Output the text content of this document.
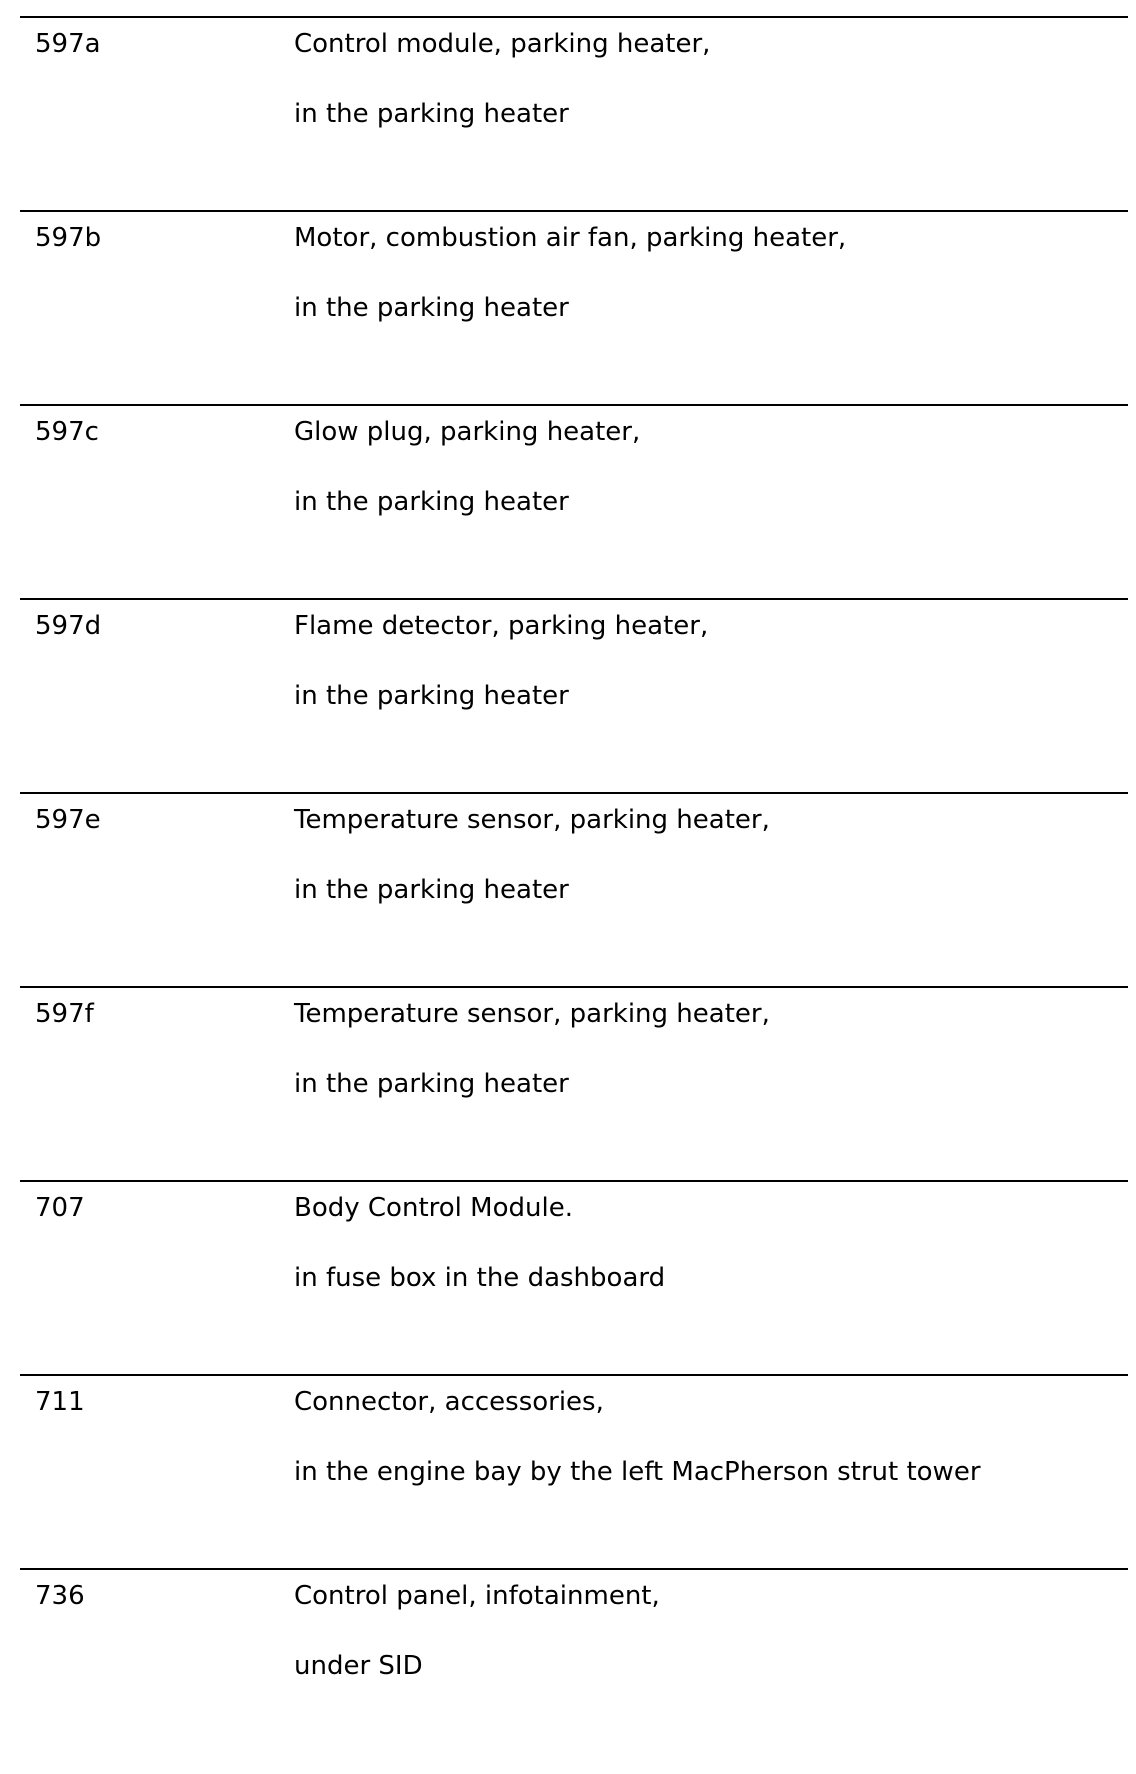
597a	Control module, parking heater,
in the parking heater
597b	Motor, combustion air fan, parking heater,
in the parking heater
597c	Glow plug, parking heater,
in the parking heater
597d	Flame detector, parking heater,
in the parking heater
597e	Temperature sensor, parking heater,
in the parking heater
597f	Temperature sensor, parking heater,
in the parking heater
707	Body Control Module.
in fuse box in the dashboard
711	Connector, accessories,
in the engine bay by the left MacPherson strut tower
736	Control panel, infotainment,
under SID
